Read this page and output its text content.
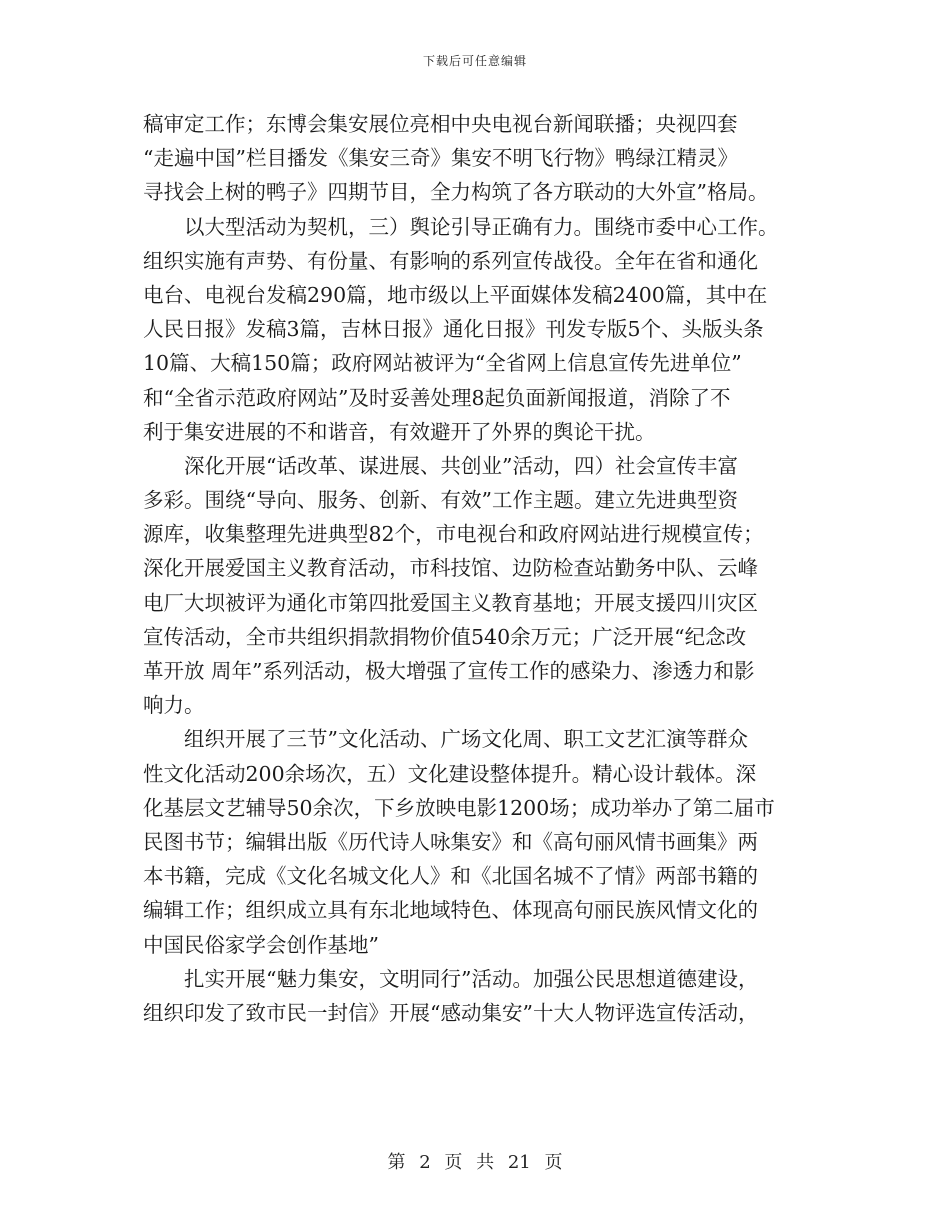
下载后可任意编辑
稿审定工作；东博会集安展位亮相中央电视台新闻联播；央视四套
“走遍中国”栏目播发《集安三奇》集安不明飞行物》鸭绿江精灵》
寻找会上树的鸭子》四期节目，全力构筑了各方联动的大外宣”格局。
　　以大型活动为契机，三）舆论引导正确有力。围绕市委中心工作。
组织实施有声势、有份量、有影响的系列宣传战役。全年在省和通化
电台、电视台发稿290篇，地市级以上平面媒体发稿2400篇，其中在
人民日报》发稿3篇，吉林日报》通化日报》刊发专版5个、头版头条
10篇、大稿150篇；政府网站被评为“全省网上信息宣传先进单位”
和“全省示范政府网站”及时妥善处理8起负面新闻报道，消除了不
利于集安进展的不和谐音，有效避开了外界的舆论干扰。
　　深化开展“话改革、谋进展、共创业”活动，四）社会宣传丰富
多彩。围绕“导向、服务、创新、有效”工作主题。建立先进典型资
源库，收集整理先进典型82个，市电视台和政府网站进行规模宣传；
深化开展爱国主义教育活动，市科技馆、边防检查站勤务中队、云峰
电厂大坝被评为通化市第四批爱国主义教育基地；开展支援四川灾区
宣传活动，全市共组织捐款捐物价值540余万元；广泛开展“纪念改
革开放 周年”系列活动，极大增强了宣传工作的感染力、渗透力和影
响力。
　　组织开展了三节”文化活动、广场文化周、职工文艺汇演等群众
性文化活动200余场次，五）文化建设整体提升。精心设计载体。深
化基层文艺辅导50余次，下乡放映电影1200场；成功举办了第二届市
民图书节；编辑出版《历代诗人咏集安》和《高句丽风情书画集》两
本书籍，完成《文化名城文化人》和《北国名城不了情》两部书籍的
编辑工作；组织成立具有东北地域特色、体现高句丽民族风情文化的
中国民俗家学会创作基地”
　　扎实开展“魅力集安，文明同行”活动。加强公民思想道德建设，
组织印发了致市民一封信》开展“感动集安”十大人物评选宣传活动，
第 2 页 共 21 页
